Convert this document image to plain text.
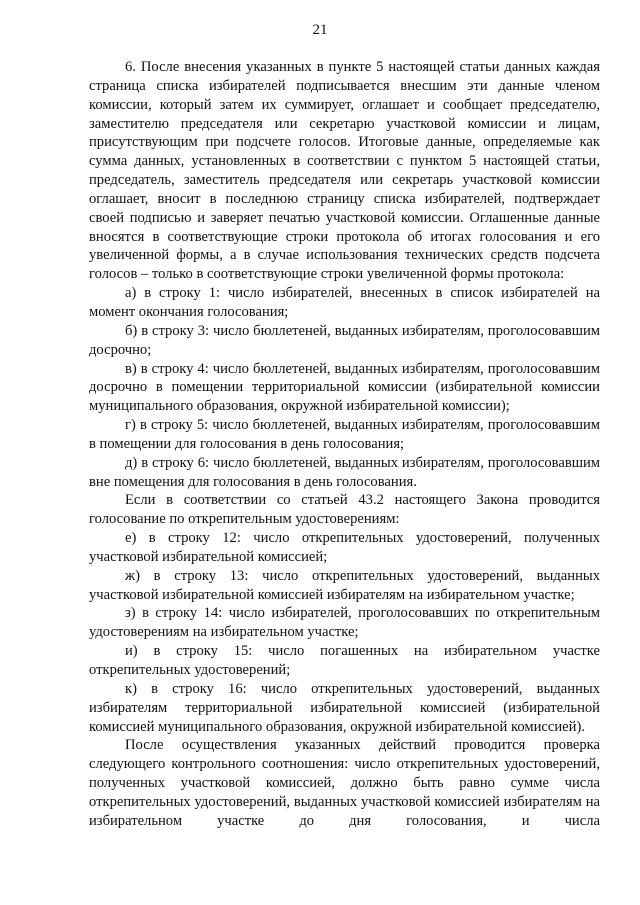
21

6. После внесения указанных в пункте 5 настоящей статьи данных каждая страница списка избирателей подписывается внесшим эти данные членом комиссии, который затем их суммирует, оглашает и сообщает председателю, заместителю председателя или секретарю участковой комиссии и лицам, присутствующим при подсчете голосов. Итоговые данные, определяемые как сумма данных, установленных в соответствии с пунктом 5 настоящей статьи, председатель, заместитель председателя или секретарь участковой комиссии оглашает, вносит в последнюю страницу списка избирателей, подтверждает своей подписью и заверяет печатью участковой комиссии. Оглашенные данные вносятся в соответствующие строки протокола об итогах голосования и его увеличенной формы, а в случае использования технических средств подсчета голосов – только в соответствующие строки увеличенной формы протокола:

а) в строку 1: число избирателей, внесенных в список избирателей на момент окончания голосования;

б) в строку 3: число бюллетеней, выданных избирателям, проголосовавшим досрочно;

в) в строку 4: число бюллетеней, выданных избирателям, проголосовавшим досрочно в помещении территориальной комиссии (избирательной комиссии муниципального образования, окружной избирательной комиссии);

г) в строку 5: число бюллетеней, выданных избирателям, проголосовавшим в помещении для голосования в день голосования;

д) в строку 6: число бюллетеней, выданных избирателям, проголосовавшим вне помещения для голосования в день голосования.

Если в соответствии со статьей 43.2 настоящего Закона проводится голосование по открепительным удостоверениям:

е) в строку 12: число открепительных удостоверений, полученных участковой избирательной комиссией;

ж) в строку 13: число открепительных удостоверений, выданных участковой избирательной комиссией избирателям на избирательном участке;

з) в строку 14: число избирателей, проголосовавших по открепительным удостоверениям на избирательном участке;

и) в строку 15: число погашенных на избирательном участке открепительных удостоверений;

к) в строку 16: число открепительных удостоверений, выданных избирателям территориальной избирательной комиссией (избирательной комиссией муниципального образования, окружной избирательной комиссией).

После осуществления указанных действий проводится проверка следующего контрольного соотношения: число открепительных удостоверений, полученных участковой комиссией, должно быть равно сумме числа открепительных удостоверений, выданных участковой комиссией избирателям на избирательном участке до дня голосования, и числа
